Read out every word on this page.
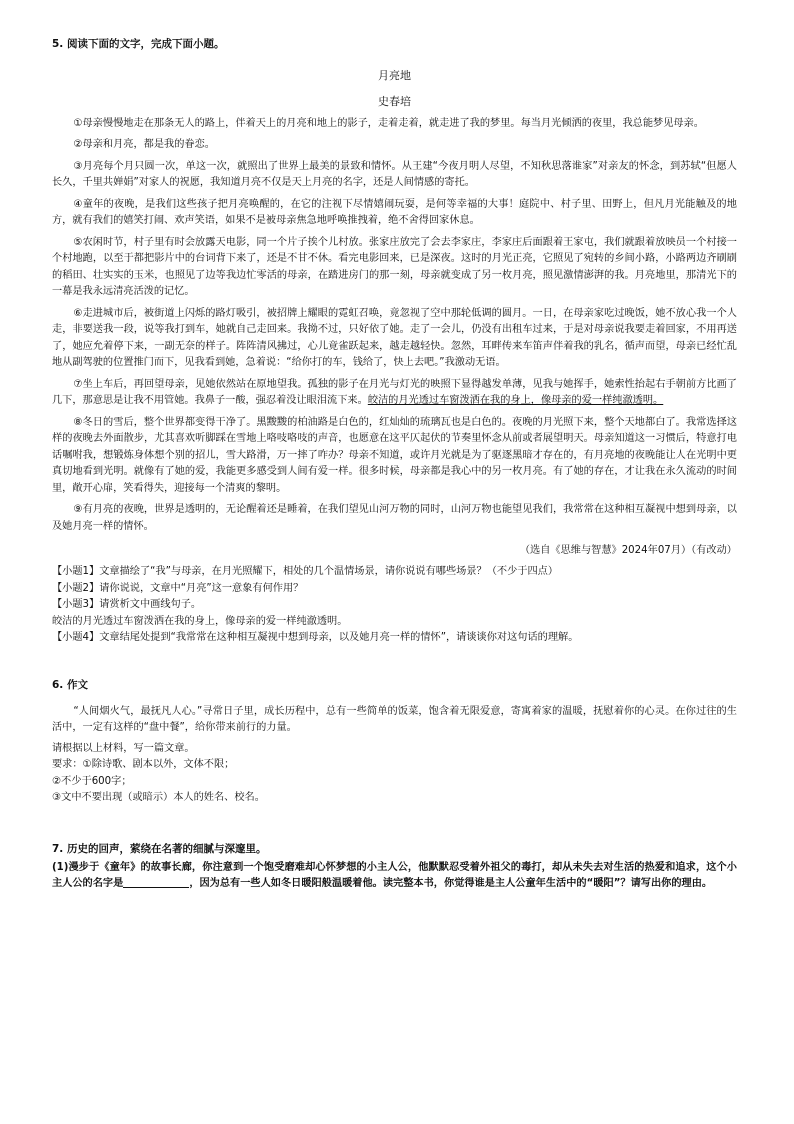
5. 阅读下面的文字，完成下面小题。

月亮地

史春培

①母亲慢慢地走在那条无人的路上，伴着天上的月亮和地上的影子，走着走着，就走进了我的梦里。每当月光倾洒的夜里，我总能梦见母亲。

②母亲和月亮，都是我的眷恋。

③月亮每个月只圆一次，单这一次，就照出了世界上最美的景致和情怀。从王建“今夜月明人尽望，不知秋思落谁家”对亲友的怀念，到苏轼“但愿人长久，千里共婵娟”对家人的祝愿，我知道月亮不仅是天上月亮的名字，还是人间情感的寄托。

④童年的夜晚，是我们这些孩子把月亮唤醒的，在它的注视下尽情嬉闹玩耍，是何等幸福的大事！庭院中、村子里、田野上，但凡月光能触及的地方，就有我们的嬉笑打闹、欢声笑语，如果不是被母亲焦急地呼唤推拽着，绝不舍得回家休息。

⑤农闲时节，村子里有时会放露天电影，同一个片子挨个儿村放。张家庄放完了会去李家庄，李家庄后面跟着王家屯，我们就跟着放映员一个村接一个村地跑，以至于都把影片中的台词背下来了，还是不甘不休。看完电影回来，已是深夜。这时的月光正亮，它照见了宛转的乡间小路，小路两边齐刷刷的稻田、壮实实的玉米，也照见了边等我边忙零活的母亲，在踏进房门的那一刻，母亲就变成了另一枚月亮，照见激情澎湃的我。月亮地里，那清光下的一幕是我永远清亮活泼的记忆。

⑥走进城市后，被街道上闪烁的路灯吸引，被招牌上耀眼的霓虹召唤，竟忽视了空中那轮低调的圆月。一日，在母亲家吃过晚饭，她不放心我一个人走，非要送我一段，说等我打到车，她就自己走回来。我拗不过，只好依了她。走了一会儿，仍没有出租车过来，于是对母亲说我要走着回家，不用再送了，她应允着停下来，一副无奈的样子。阵阵清风拂过，心儿竟雀跃起来，越走越轻快。忽然，耳畔传来车笛声伴着我的乳名，循声而望，母亲已经忙乱地从副驾驶的位置推门而下，见我看到她，急着说：“给你打的车，钱给了，快上去吧。”我激动无语。

⑦坐上车后，再回望母亲，见她依然站在原地望我。孤独的影子在月光与灯光的映照下显得越发单薄，见我与她挥手，她索性抬起右手朝前方比画了几下，那意思是让我不用管她。我鼻子一酸，强忍着没让眼泪流下来。皎洁的月光透过车窗泼洒在我的身上，像母亲的爱一样纯澈透明。

⑧冬日的雪后，整个世界都变得干净了。黑黢黢的柏油路是白色的，红灿灿的琉璃瓦也是白色的。夜晚的月光照下来，整个天地都白了。我常选择这样的夜晚去外面散步，尤其喜欢听脚踩在雪地上咯吱咯吱的声音，也愿意在这平仄起伏的节奏里怀念从前或者展望明天。母亲知道这一习惯后，特意打电话嘱咐我，想锻炼身体想个别的招儿，雪大路滑，万一摔了咋办？母亲不知道，或许月光就是为了驱逐黑暗才存在的，有月亮地的夜晚能让人在光明中更真切地看到光明。就像有了她的爱，我能更多感受到人间有爱一样。很多时候，母亲都是我心中的另一枚月亮。有了她的存在，才让我在永久流动的时间里，敞开心扉，笑看得失，迎接每一个清爽的黎明。

⑨有月亮的夜晚，世界是透明的，无论醒着还是睡着，在我们望见山河万物的同时，山河万物也能望见我们，我常常在这种相互凝视中想到母亲，以及她月亮一样的情怀。

（选自《思维与智慧》2024年07月）（有改动）

【小题1】文章描绘了“我”与母亲，在月光照耀下，相处的几个温情场景，请你说说有哪些场景？（不少于四点）

【小题2】请你说说，文章中“月亮”这一意象有何作用？

【小题3】请赏析文中画线句子。

皎洁的月光透过车窗泼洒在我的身上，像母亲的爱一样纯澈透明。

【小题4】文章结尾处提到“我常常在这种相互凝视中想到母亲，以及她月亮一样的情怀”，请谈谈你对这句话的理解。

6. 作文

“人间烟火气，最抚凡人心。”寻常日子里，成长历程中，总有一些简单的饭菜，饱含着无限爱意，寄寓着家的温暖，抚慰着你的心灵。在你过往的生活中，一定有这样的“盘中餐”，给你带来前行的力量。

请根据以上材料，写一篇文章。

要求：①除诗歌、剧本以外，文体不限；

②不少于600字；

③文中不要出现（或暗示）本人的姓名、校名。

7. 历史的回声，萦绕在名著的细腻与深邃里。

(1)漫步于《童年》的故事长廊，你注意到一个饱受磨难却心怀梦想的小主人公，他默默忍受着外祖父的毒打，却从未失去对生活的热爱和追求，这个小主人公的名字是	，因为总有一些人如冬日暖阳般温暖着他。读完整本书，你觉得谁是主人公童年生活中的“暖阳”？请写出你的理由。
